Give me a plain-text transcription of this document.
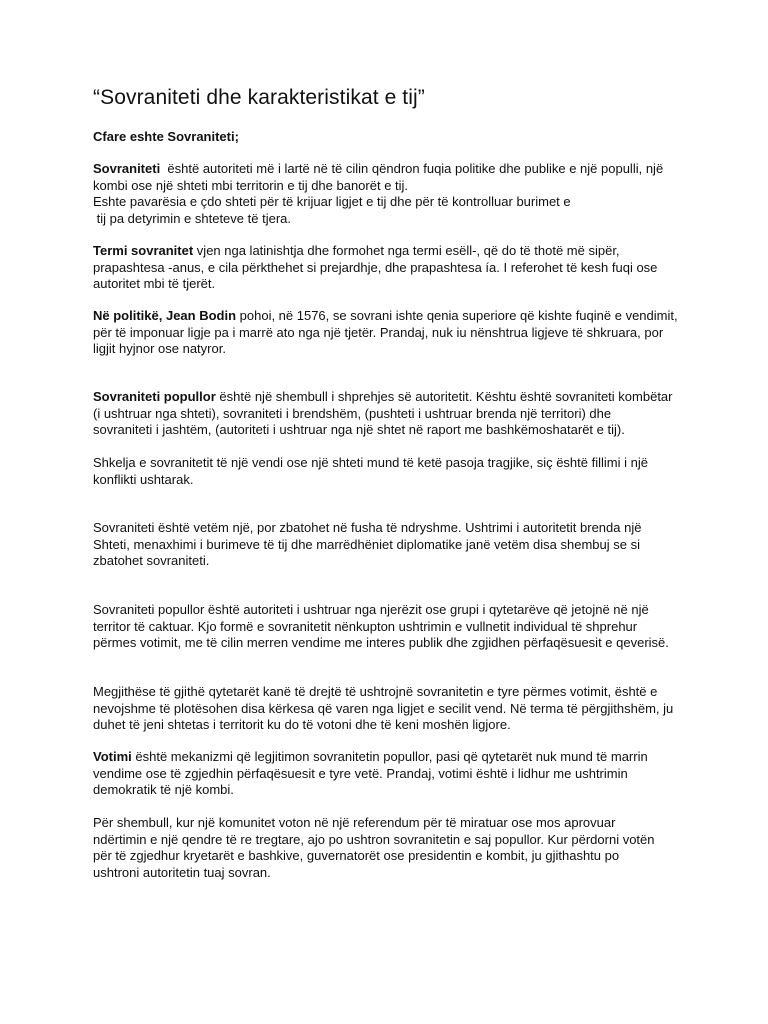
“Sovraniteti dhe karakteristikat e tij”

Cfare eshte Sovraniteti;

Sovraniteti  është autoriteti më i lartë në të cilin qëndron fuqia politike dhe publike e një populli, një
kombi ose një shteti mbi territorin e tij dhe banorët e tij.
Eshte pavarësia e çdo shteti për të krijuar ligjet e tij dhe për të kontrolluar burimet e
tij pa detyrimin e shteteve të tjera.

Termi sovranitet vjen nga latinishtja dhe formohet nga termi esëll-, që do të thotë më sipër,
prapashtesa -anus, e cila përkthehet si prejardhje, dhe prapashtesa ía. I referohet të kesh fuqi ose
autoritet mbi të tjerët.

Në politikë, Jean Bodin pohoi, në 1576, se sovrani ishte qenia superiore që kishte fuqinë e vendimit,
për të imponuar ligje pa i marrë ato nga një tjetër. Prandaj, nuk iu nënshtrua ligjeve të shkruara, por
ligjit hyjnor ose natyror.

Sovraniteti popullor është një shembull i shprehjes së autoritetit. Kështu është sovraniteti kombëtar
(i ushtruar nga shteti), sovraniteti i brendshëm, (pushteti i ushtruar brenda një territori) dhe
sovraniteti i jashtëm, (autoriteti i ushtruar nga një shtet në raport me bashkëmoshatarët e tij).

Shkelja e sovranitetit të një vendi ose një shteti mund të ketë pasoja tragjike, siç është fillimi i një
konflikti ushtarak.

Sovraniteti është vetëm një, por zbatohet në fusha të ndryshme. Ushtrimi i autoritetit brenda një
Shteti, menaxhimi i burimeve të tij dhe marrëdhëniet diplomatike janë vetëm disa shembuj se si
zbatohet sovraniteti.

Sovraniteti popullor është autoriteti i ushtruar nga njerëzit ose grupi i qytetarëve që jetojnë në një
territor të caktuar. Kjo formë e sovranitetit nënkupton ushtrimin e vullnetit individual të shprehur
përmes votimit, me të cilin merren vendime me interes publik dhe zgjidhen përfaqësuesit e qeverisë.

Megjithëse të gjithë qytetarët kanë të drejtë të ushtrojnë sovranitetin e tyre përmes votimit, është e
nevojshme të plotësohen disa kërkesa që varen nga ligjet e secilit vend. Në terma të përgjithshëm, ju
duhet të jeni shtetas i territorit ku do të votoni dhe të keni moshën ligjore.

Votimi është mekanizmi që legjitimon sovranitetin popullor, pasi që qytetarët nuk mund të marrin
vendime ose të zgjedhin përfaqësuesit e tyre vetë. Prandaj, votimi është i lidhur me ushtrimin
demokratik të një kombi.

Për shembull, kur një komunitet voton në një referendum për të miratuar ose mos aprovuar
ndërtimin e një qendre të re tregtare, ajo po ushtron sovranitetin e saj popullor. Kur përdorni votën
për të zgjedhur kryetarët e bashkive, guvernatorët ose presidentin e kombit, ju gjithashtu po
ushtroni autoritetin tuaj sovran.
